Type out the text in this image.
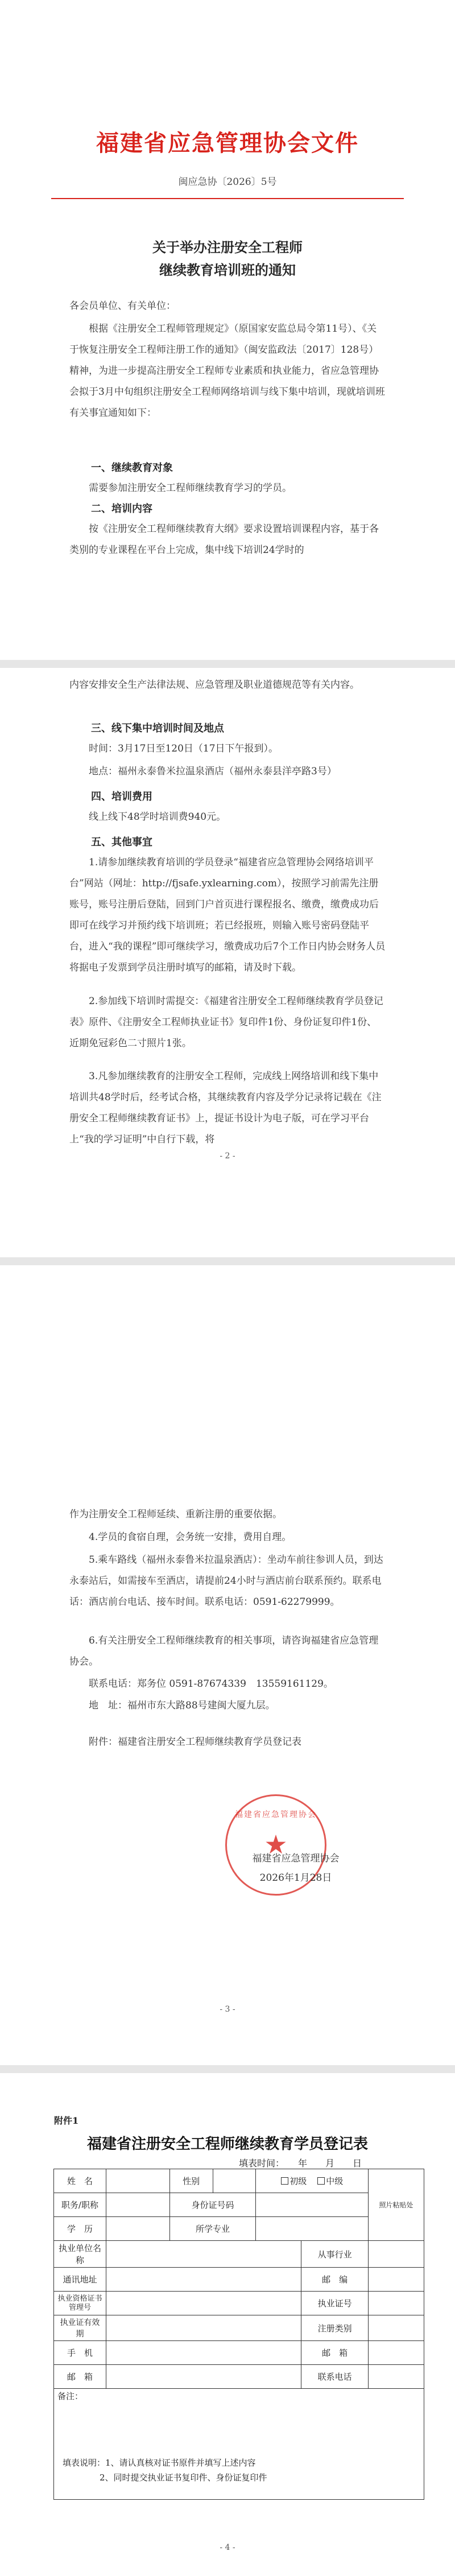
福建省应急管理协会文件
闽应急协〔2026〕5号
关于举办注册安全工程师
继续教育培训班的通知
各会员单位、有关单位：
根据《注册安全工程师管理规定》（原国家安监总局令第11号）、《关于恢复注册安全工程师注册工作的通知》（闽安监政法〔2017〕128号）精神，为进一步提高注册安全工程师专业素质和执业能力，省应急管理协会拟于3月中旬组织注册安全工程师网络培训与线下集中培训，现就培训班有关事宜通知如下：
一、继续教育对象
需要参加注册安全工程师继续教育学习的学员。
二、培训内容
按《注册安全工程师继续教育大纲》要求设置培训课程内容，基于各类别的专业课程在平台上完成，集中线下培训24学时的
内容安排安全生产法律法规、应急管理及职业道德规范等有关内容。
三、线下集中培训时间及地点
时间：3月17日至120日（17日下午报到）。
地点：福州永泰鲁米拉温泉酒店（福州永泰县洋亭路3号）
四、培训费用
线上线下48学时培训费940元。
五、其他事宜
1.请参加继续教育培训的学员登录“福建省应急管理协会网络培训平台”网站（网址：http://fjsafe.yxlearning.com），按照学习前需先注册账号，账号注册后登陆，回到门户首页进行课程报名、缴费，缴费成功后即可在线学习并预约线下培训班；若已经报班，则输入账号密码登陆平台，进入“我的课程”即可继续学习，缴费成功后7个工作日内协会财务人员将据电子发票到学员注册时填写的邮箱，请及时下载。
2.参加线下培训时需提交：《福建省注册安全工程师继续教育学员登记表》原件、《注册安全工程师执业证书》复印件1份、身份证复印件1份、近期免冠彩色二寸照片1张。
3.凡参加继续教育的注册安全工程师，完成线上网络培训和线下集中培训共48学时后，经考试合格，其继续教育内容及学分记录将记载在《注册安全工程师继续教育证书》上，提证书设计为电子版，可在学习平台上“我的学习证明”中自行下载，将
- 2 -
作为注册安全工程师延续、重新注册的重要依据。
4.学员的食宿自理，会务统一安排，费用自理。
5.乘车路线（福州永泰鲁米拉温泉酒店）：坐动车前往参训人员，到达永泰站后，如需接车至酒店，请提前24小时与酒店前台联系预约。联系电话：酒店前台电话、接车时间。联系电话：0591-62279999。
6.有关注册安全工程师继续教育的相关事项，请咨询福建省应急管理协会。
联系电话：郑务位 0591-87674339　13559161129。
地　址：福州市东大路88号建闽大厦九层。
附件：福建省注册安全工程师继续教育学员登记表
福建省应急管理协会
★
福建省应急管理协会
2026年1月28日
- 3 -
附件1
福建省注册安全工程师继续教育学员登记表
填表时间：　　年　　月　　日
姓　名		性别		初级 中级		照片粘贴处
职务/职称		身份证号码				
学　历		所学专业				
执业单位名称					从事行业	
通讯地址					邮　编	
执业资格证书管理号					执业证号	
执业证有效期					注册类别	
手　机					邮　箱	
邮　箱					联系电话	
备注：						
填表说明：1、请认真核对证书原件并填写上述内容
2、同时提交执业证书复印件、身份证复印件
- 4 -
